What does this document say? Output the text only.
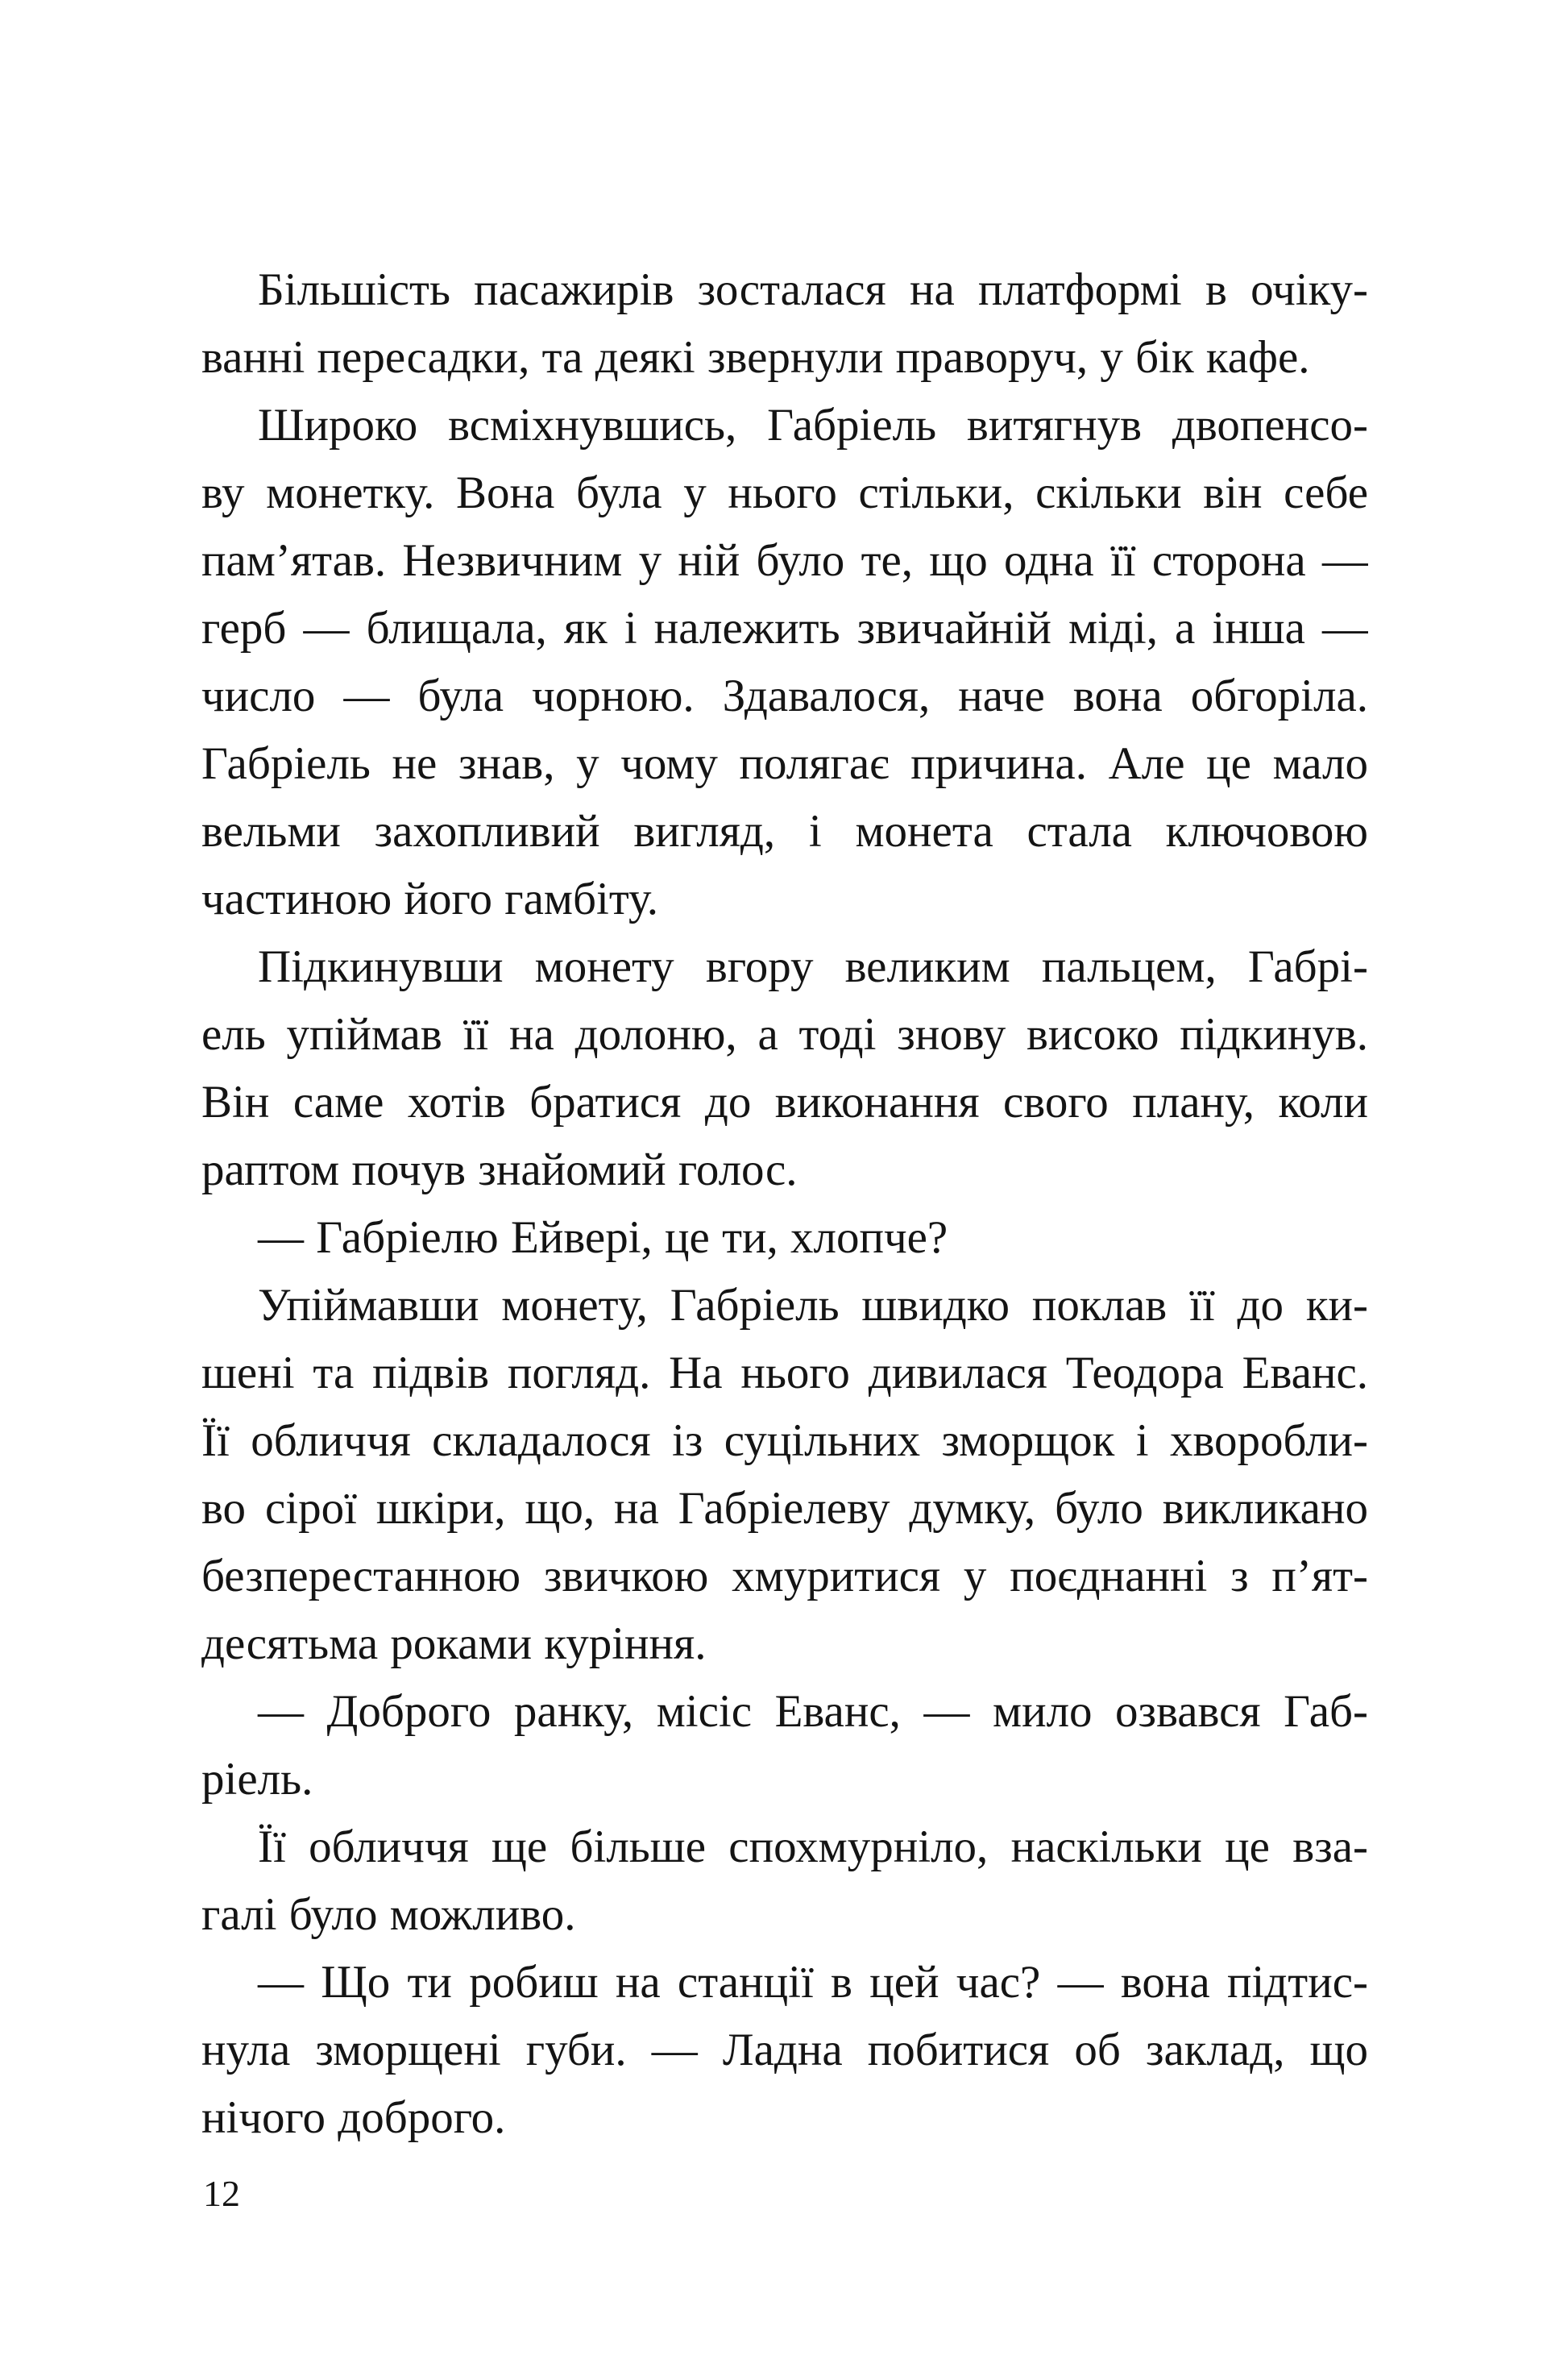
Більшість пасажирів зосталася на платформі в очіку-
ванні пересадки, та деякі звернули праворуч, у бік кафе.
Широко всміхнувшись, Габріель витягнув двопенсо-
ву монетку. Вона була у нього стільки, скільки він себе
пам’ятав. Незвичним у ній було те, що одна її сторона —
герб — блищала, як і належить звичайній міді, а інша —
число — була чорною. Здавалося, наче вона обгоріла.
Габріель не знав, у чому полягає причина. Але це мало
вельми захопливий вигляд, і монета стала ключовою
частиною його гамбіту.
Підкинувши монету вгору великим пальцем, Габрі-
ель упіймав її на долоню, а тоді знову високо підкинув.
Він саме хотів братися до виконання свого плану, коли
раптом почув знайомий голос.
— Габріелю Ейвері, це ти, хлопче?
Упіймавши монету, Габріель швидко поклав її до ки-
шені та підвів погляд. На нього дивилася Теодора Еванс.
Її обличчя складалося із суцільних зморщок і хворобли-
во сірої шкіри, що, на Габріелеву думку, було викликано
безперестанною звичкою хмуритися у поєднанні з п’ят-
десятьма роками куріння.
— Доброго ранку, місіс Еванс, — мило озвався Габ-
ріель.
Її обличчя ще більше спохмурніло, наскільки це вза-
галі було можливо.
— Що ти робиш на станції в цей час? — вона підтис-
нула зморщені губи. — Ладна побитися об заклад, що
нічого доброго.
12
